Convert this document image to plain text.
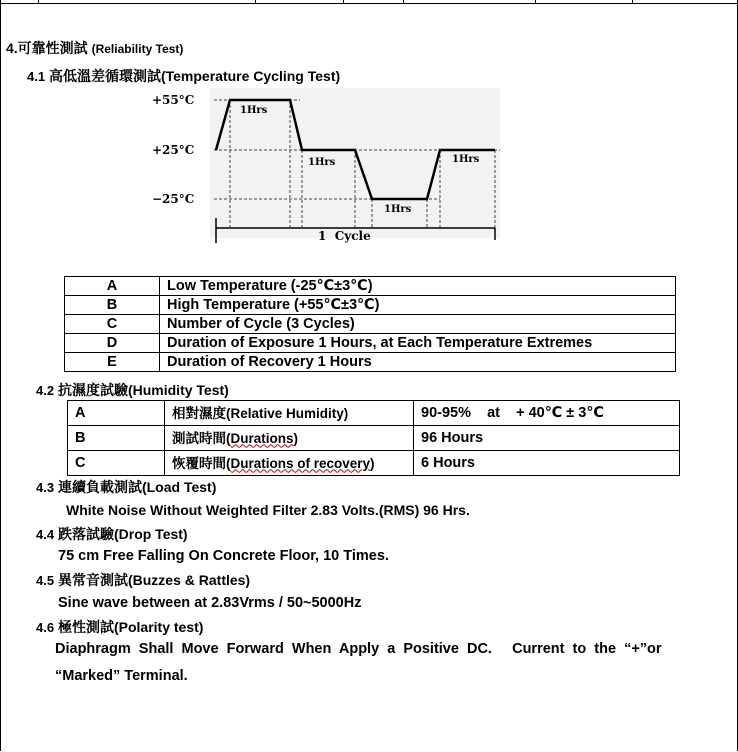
4.可靠性測試 (Reliability Test)
4.1 高低溫差循環測試(Temperature Cycling Test)
+55°C
+25°C
−25°C
1Hrs
1Hrs
1Hrs
1Hrs
1  Cycle
A	Low Temperature (-25℃±3℃)
B	High Temperature (+55℃±3℃)
C	Number of Cycle (3 Cycles)
D	Duration of Exposure 1 Hours, at Each Temperature Extremes
E	Duration of Recovery 1 Hours
4.2 抗濕度試驗(Humidity Test)
A	相對濕度(Relative Humidity)	90-95%    at    + 40℃ ± 3℃
B	測試時間(Durations)	96 Hours
C	恢覆時間(Durations of recovery)	6 Hours
4.3 連續負載測試(Load Test)
White Noise Without Weighted Filter 2.83 Volts.(RMS) 96 Hrs.
4.4 跌落試驗(Drop Test)
75 cm Free Falling On Concrete Floor, 10 Times.
4.5 異常音測試(Buzzes & Rattles)
Sine wave between at 2.83Vrms / 50~5000Hz
4.6 極性測試(Polarity test)
Diaphragm  Shall  Move  Forward  When  Apply  a  Positive  DC.     Current  to  the  “+”or
“Marked” Terminal.
